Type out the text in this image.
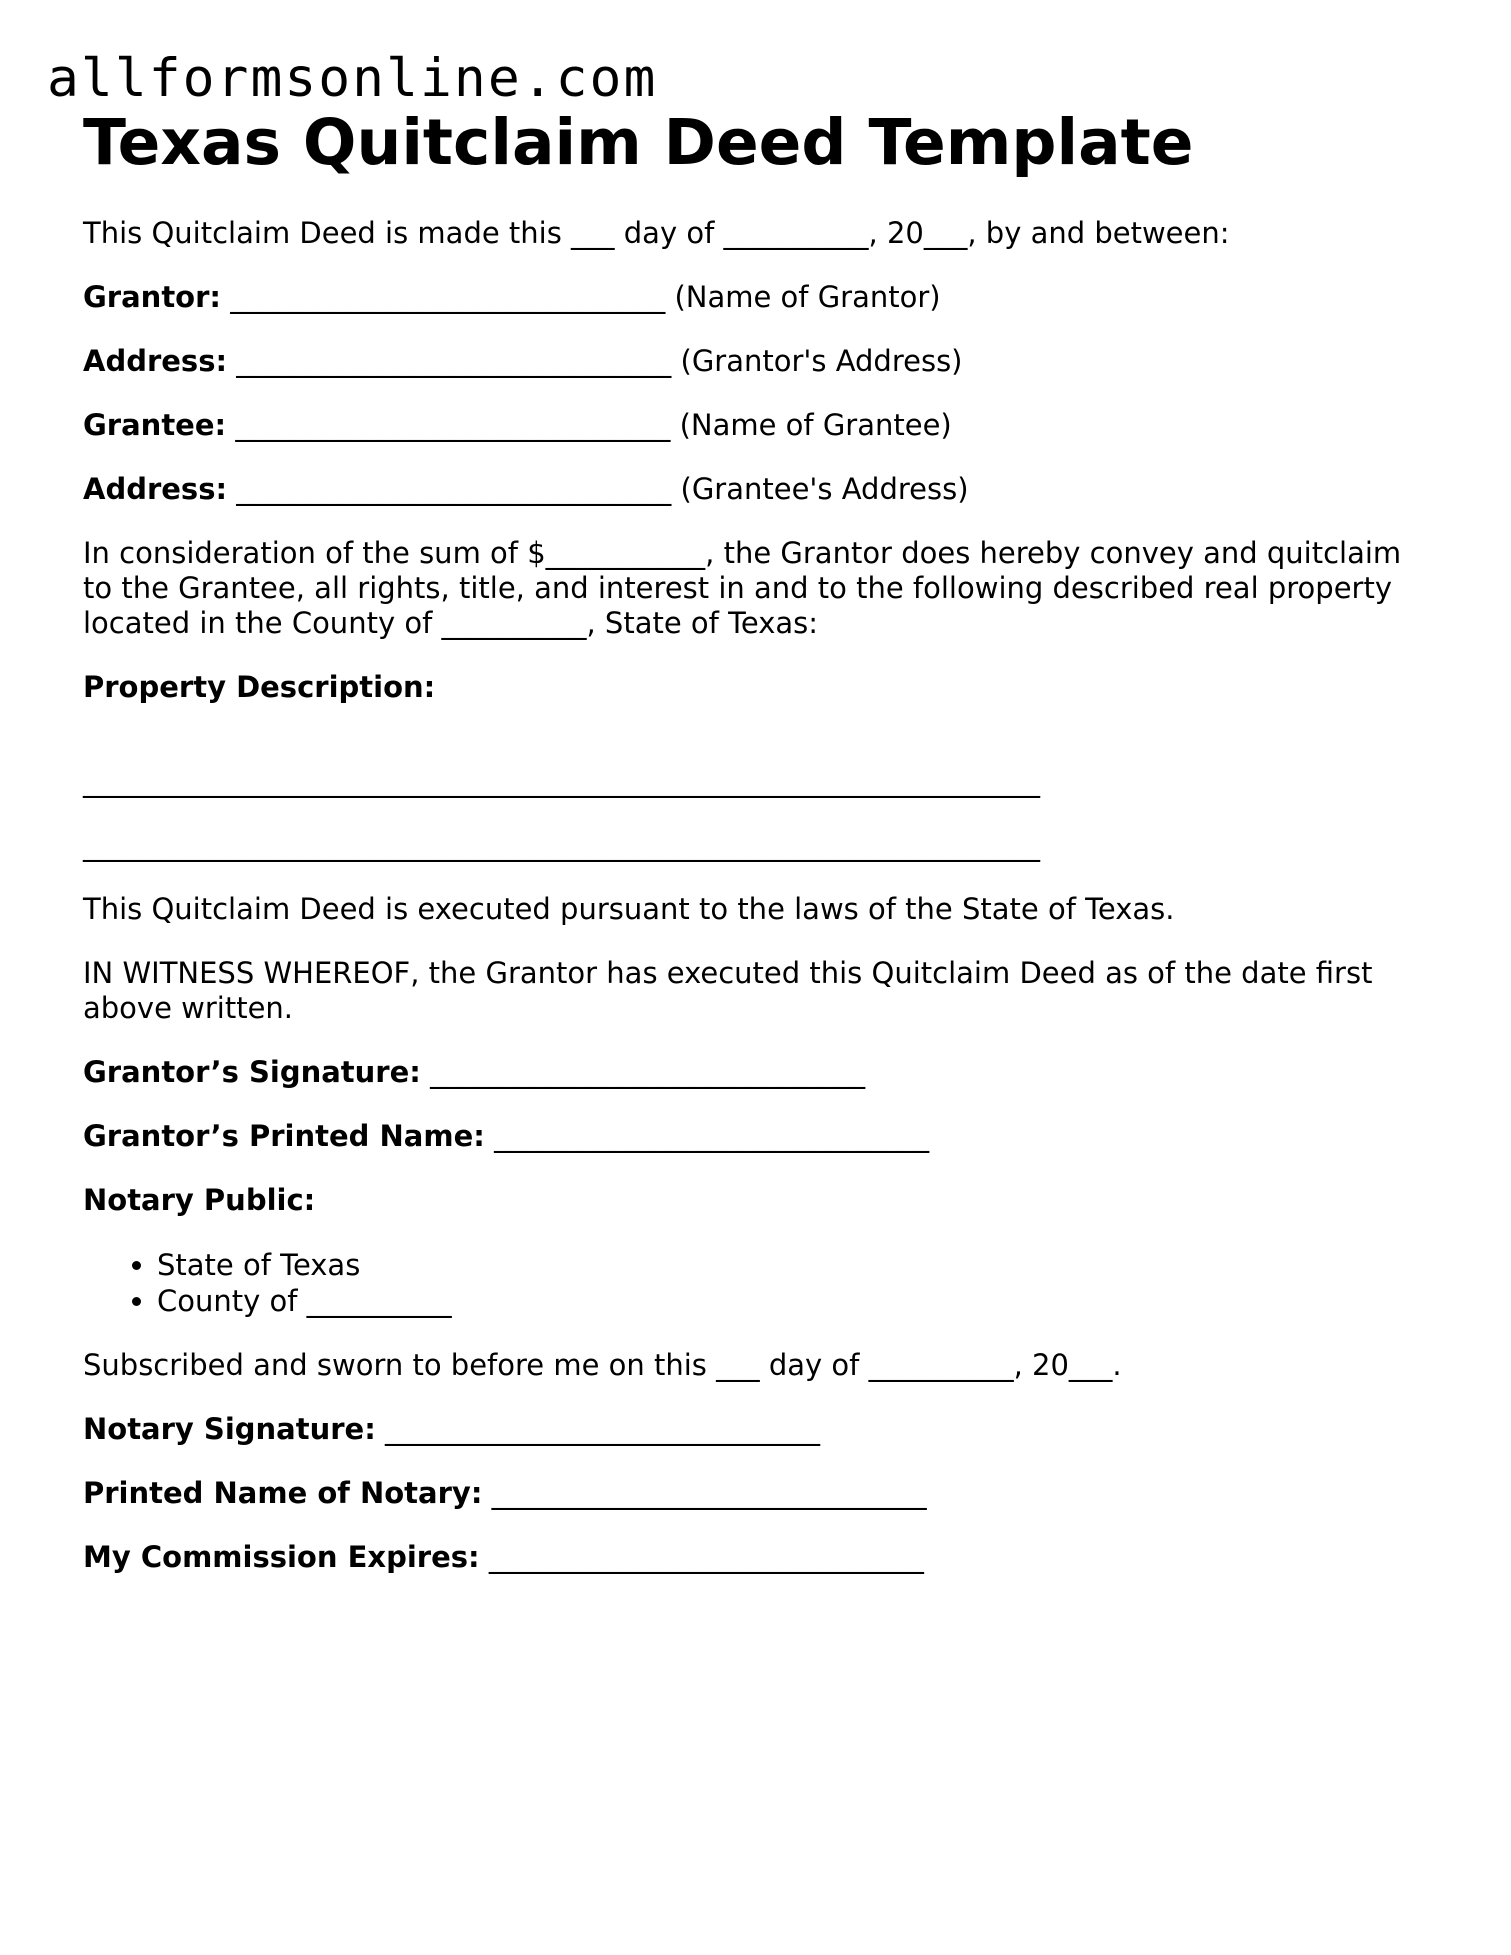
allformsonline.com
Texas Quitclaim Deed Template
This Quitclaim Deed is made this ___ day of __________, 20___, by and between:
Grantor: ______________________________ (Name of Grantor)
Address: ______________________________ (Grantor's Address)
Grantee: ______________________________ (Name of Grantee)
Address: ______________________________ (Grantee's Address)
In consideration of the sum of $___________, the Grantor does hereby convey and quitclaim to the Grantee, all rights, title, and interest in and to the following described real property located in the County of __________, State of Texas:
Property Description:
__________________________________________________________________
__________________________________________________________________
This Quitclaim Deed is executed pursuant to the laws of the State of Texas.
IN WITNESS WHEREOF, the Grantor has executed this Quitclaim Deed as of the date first above written.
Grantor’s Signature: ______________________________
Grantor’s Printed Name: ______________________________
Notary Public:
• State of Texas
• County of __________
Subscribed and sworn to before me on this ___ day of __________, 20___.
Notary Signature: ______________________________
Printed Name of Notary: ______________________________
My Commission Expires: ______________________________
